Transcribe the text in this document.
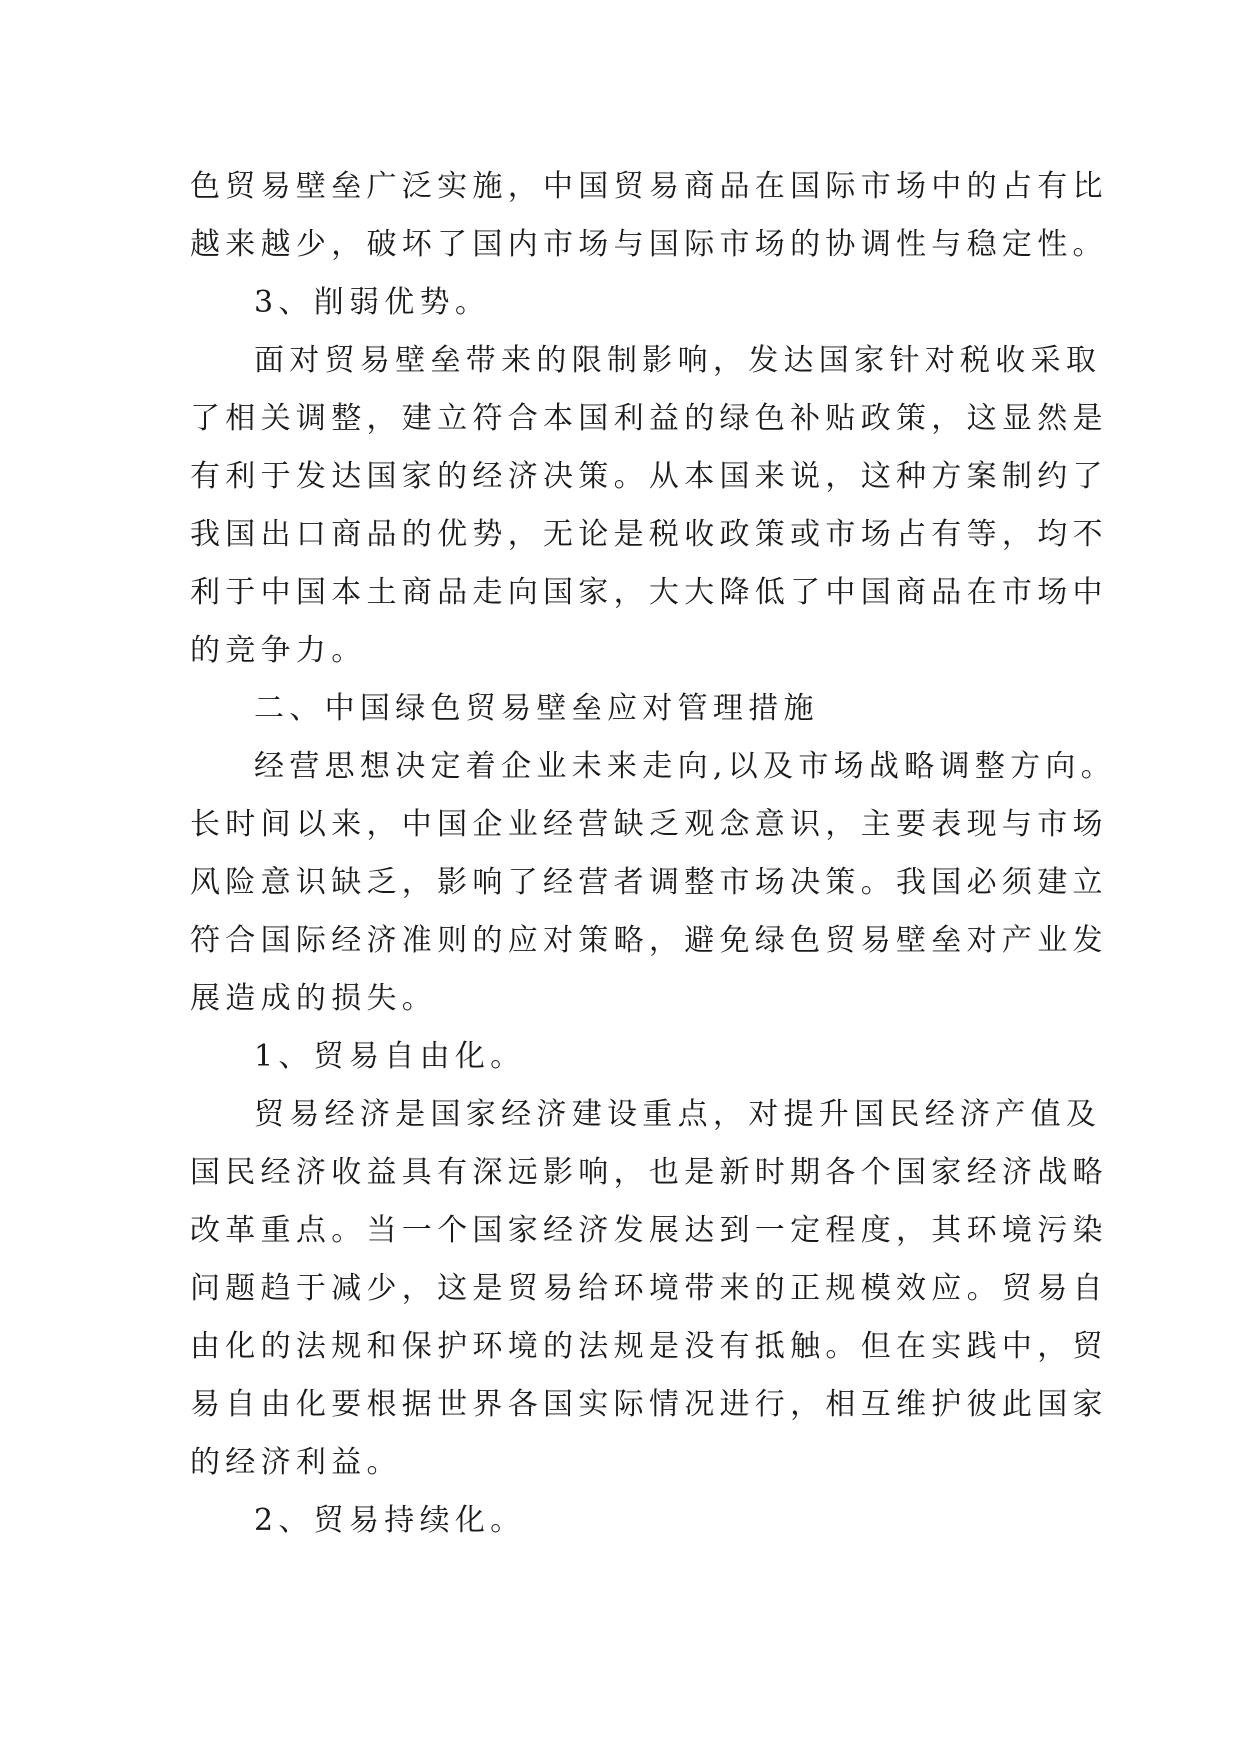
色贸易壁垒广泛实施，中国贸易商品在国际市场中的占有比
越来越少，破坏了国内市场与国际市场的协调性与稳定性。
3、削弱优势。
面对贸易壁垒带来的限制影响，发达国家针对税收采取
了相关调整，建立符合本国利益的绿色补贴政策，这显然是
有利于发达国家的经济决策。从本国来说，这种方案制约了
我国出口商品的优势，无论是税收政策或市场占有等，均不
利于中国本土商品走向国家，大大降低了中国商品在市场中
的竞争力。
二、中国绿色贸易壁垒应对管理措施
经营思想决定着企业未来走向,以及市场战略调整方向。
长时间以来，中国企业经营缺乏观念意识，主要表现与市场
风险意识缺乏，影响了经营者调整市场决策。我国必须建立
符合国际经济准则的应对策略，避免绿色贸易壁垒对产业发
展造成的损失。
1、贸易自由化。
贸易经济是国家经济建设重点，对提升国民经济产值及
国民经济收益具有深远影响，也是新时期各个国家经济战略
改革重点。当一个国家经济发展达到一定程度，其环境污染
问题趋于减少，这是贸易给环境带来的正规模效应。贸易自
由化的法规和保护环境的法规是没有抵触。但在实践中，贸
易自由化要根据世界各国实际情况进行，相互维护彼此国家
的经济利益。
2、贸易持续化。
